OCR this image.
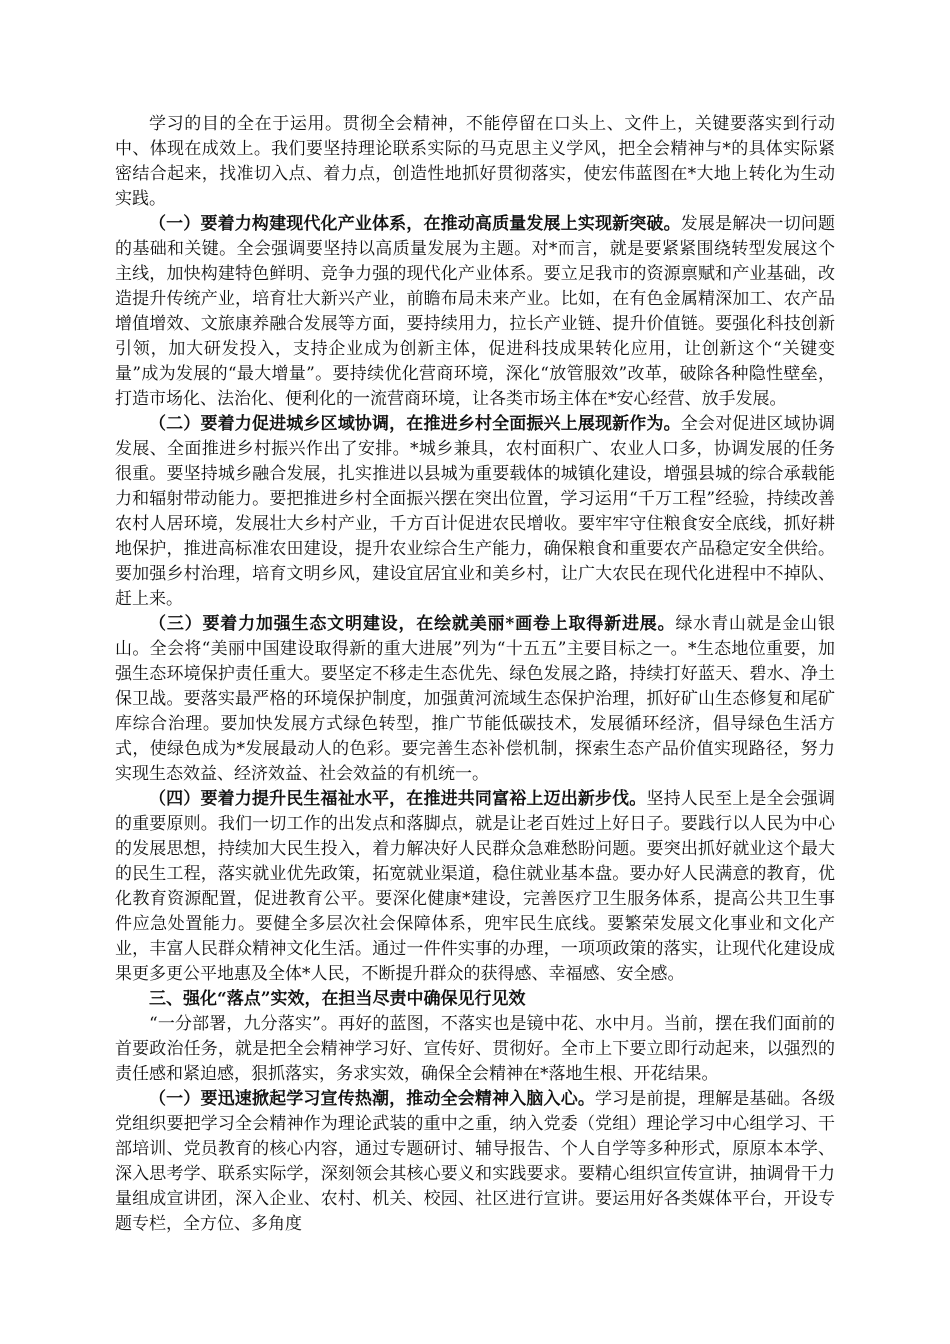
学习的目的全在于运用。贯彻全会精神，不能停留在口头上、文件上，关键要落实到行动中、体现在成效上。我们要坚持理论联系实际的马克思主义学风，把全会精神与*的具体实际紧密结合起来，找准切入点、着力点，创造性地抓好贯彻落实，使宏伟蓝图在*大地上转化为生动实践。

（一）要着力构建现代化产业体系，在推动高质量发展上实现新突破。发展是解决一切问题的基础和关键。全会强调要坚持以高质量发展为主题。对*而言，就是要紧紧围绕转型发展这个主线，加快构建特色鲜明、竞争力强的现代化产业体系。要立足我市的资源禀赋和产业基础，改造提升传统产业，培育壮大新兴产业，前瞻布局未来产业。比如，在有色金属精深加工、农产品增值增效、文旅康养融合发展等方面，要持续用力，拉长产业链、提升价值链。要强化科技创新引领，加大研发投入，支持企业成为创新主体，促进科技成果转化应用，让创新这个“关键变量”成为发展的“最大增量”。要持续优化营商环境，深化“放管服效”改革，破除各种隐性壁垒，打造市场化、法治化、便利化的一流营商环境，让各类市场主体在*安心经营、放手发展。

（二）要着力促进城乡区域协调，在推进乡村全面振兴上展现新作为。全会对促进区域协调发展、全面推进乡村振兴作出了安排。*城乡兼具，农村面积广、农业人口多，协调发展的任务很重。要坚持城乡融合发展，扎实推进以县城为重要载体的城镇化建设，增强县城的综合承载能力和辐射带动能力。要把推进乡村全面振兴摆在突出位置，学习运用“千万工程”经验，持续改善农村人居环境，发展壮大乡村产业，千方百计促进农民增收。要牢牢守住粮食安全底线，抓好耕地保护，推进高标准农田建设，提升农业综合生产能力，确保粮食和重要农产品稳定安全供给。要加强乡村治理，培育文明乡风，建设宜居宜业和美乡村，让广大农民在现代化进程中不掉队、赶上来。

（三）要着力加强生态文明建设，在绘就美丽*画卷上取得新进展。绿水青山就是金山银山。全会将“美丽中国建设取得新的重大进展”列为“十五五”主要目标之一。*生态地位重要，加强生态环境保护责任重大。要坚定不移走生态优先、绿色发展之路，持续打好蓝天、碧水、净土保卫战。要落实最严格的环境保护制度，加强黄河流域生态保护治理，抓好矿山生态修复和尾矿库综合治理。要加快发展方式绿色转型，推广节能低碳技术，发展循环经济，倡导绿色生活方式，使绿色成为*发展最动人的色彩。要完善生态补偿机制，探索生态产品价值实现路径，努力实现生态效益、经济效益、社会效益的有机统一。

（四）要着力提升民生福祉水平，在推进共同富裕上迈出新步伐。坚持人民至上是全会强调的重要原则。我们一切工作的出发点和落脚点，就是让老百姓过上好日子。要践行以人民为中心的发展思想，持续加大民生投入，着力解决好人民群众急难愁盼问题。要突出抓好就业这个最大的民生工程，落实就业优先政策，拓宽就业渠道，稳住就业基本盘。要办好人民满意的教育，优化教育资源配置，促进教育公平。要深化健康*建设，完善医疗卫生服务体系，提高公共卫生事件应急处置能力。要健全多层次社会保障体系，兜牢民生底线。要繁荣发展文化事业和文化产业，丰富人民群众精神文化生活。通过一件件实事的办理，一项项政策的落实，让现代化建设成果更多更公平地惠及全体*人民，不断提升群众的获得感、幸福感、安全感。

三、强化“落点”实效，在担当尽责中确保见行见效

“一分部署，九分落实”。再好的蓝图，不落实也是镜中花、水中月。当前，摆在我们面前的首要政治任务，就是把全会精神学习好、宣传好、贯彻好。全市上下要立即行动起来，以强烈的责任感和紧迫感，狠抓落实，务求实效，确保全会精神在*落地生根、开花结果。

（一）要迅速掀起学习宣传热潮，推动全会精神入脑入心。学习是前提，理解是基础。各级党组织要把学习全会精神作为理论武装的重中之重，纳入党委（党组）理论学习中心组学习、干部培训、党员教育的核心内容，通过专题研讨、辅导报告、个人自学等多种形式，原原本本学、深入思考学、联系实际学，深刻领会其核心要义和实践要求。要精心组织宣传宣讲，抽调骨干力量组成宣讲团，深入企业、农村、机关、校园、社区进行宣讲。要运用好各类媒体平台，开设专题专栏，全方位、多角度
